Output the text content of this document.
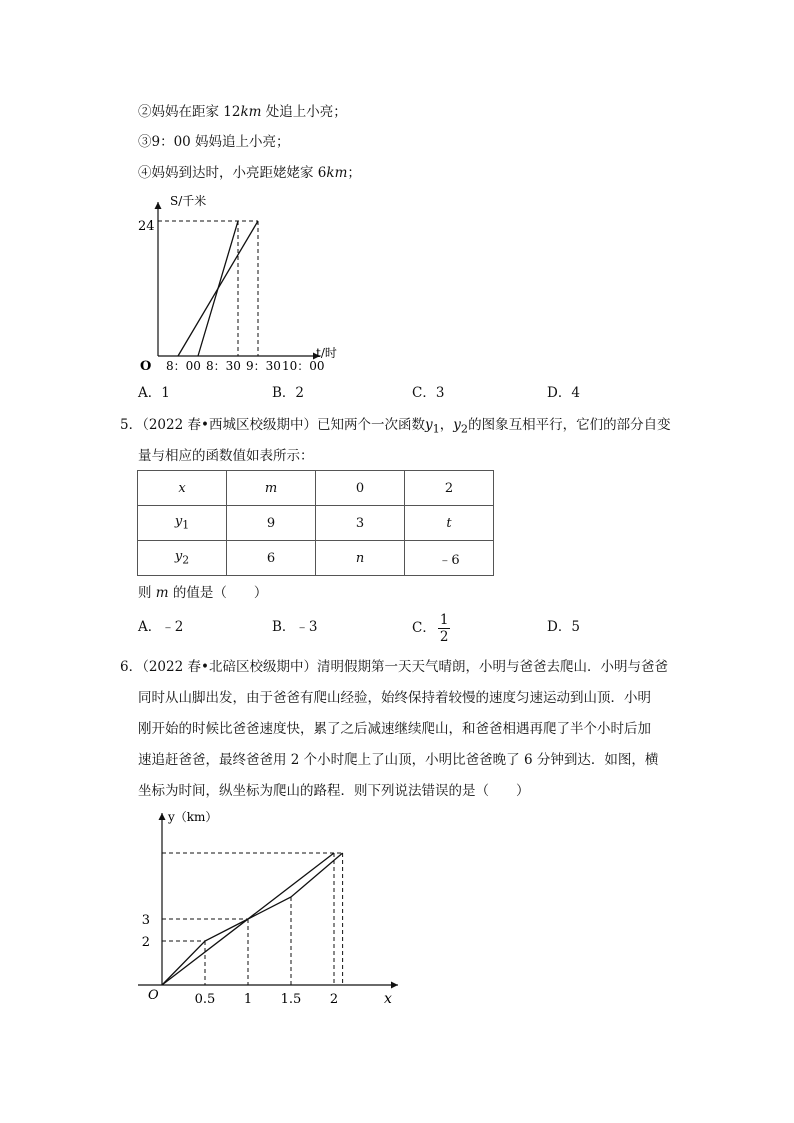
②妈妈在距家 12km 处追上小亮；
③9：00 妈妈追上小亮；
④妈妈到达时，小亮距姥姥家 6km；
S/千米
t/时
O
24
8：00 8：30 9：30 10：00
A．1	B．2	C．3	D．4
5．（2022 春•西城区校级期中）已知两个一次函数$y_1$，$y_2$的图象互相平行，它们的部分自变
量与相应的函数值如表所示：
x	m	0	2
$y_1$	9	3	t
$y_2$	6	n	﹣6
则 m 的值是（　　）
A．﹣2	B．﹣3	C． $\frac{1}{2}$	D．5
6．（2022 春•北碚区校级期中）清明假期第一天天气晴朗，小明与爸爸去爬山．小明与爸爸
同时从山脚出发，由于爸爸有爬山经验，始终保持着较慢的速度匀速运动到山顶．小明
刚开始的时候比爸爸速度快，累了之后减速继续爬山，和爸爸相遇再爬了半个小时后加
速追赶爸爸，最终爸爸用 2 个小时爬上了山顶，小明比爸爸晚了 6 分钟到达．如图，横
坐标为时间，纵坐标为爬山的路程．则下列说法错误的是（　　）
y（km）
x
O	0.5 1 1.5 2
2
3
